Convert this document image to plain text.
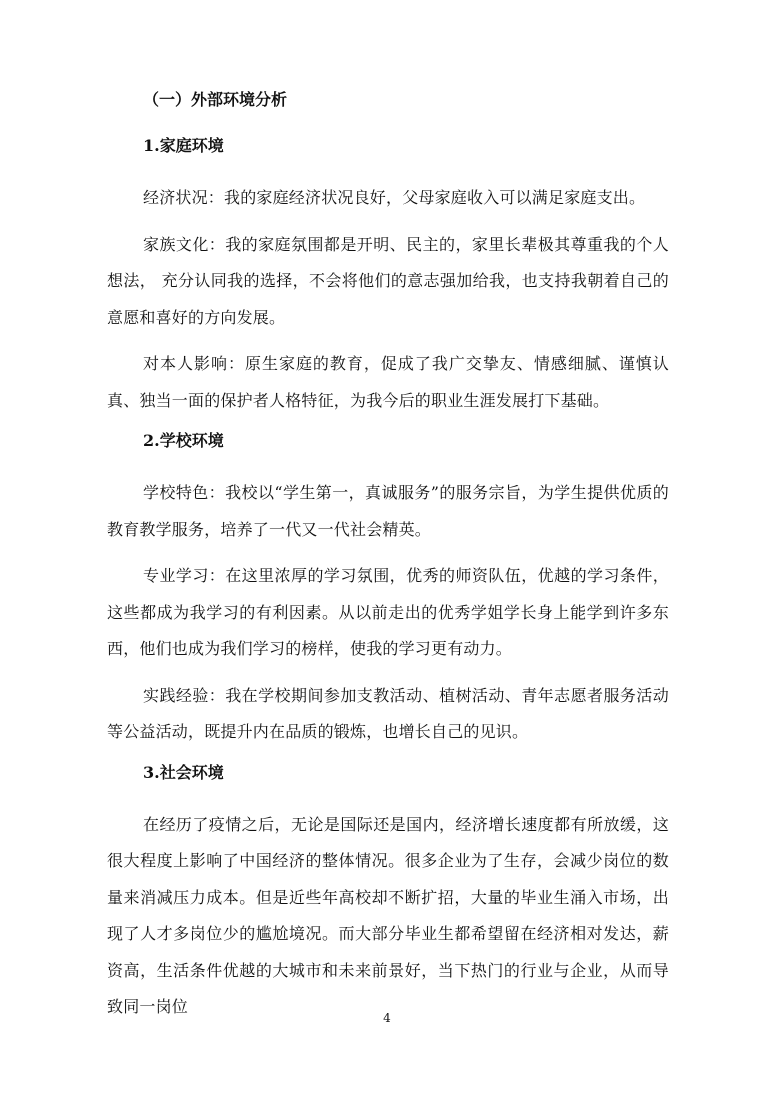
（一）外部环境分析
1.家庭环境

经济状况：我的家庭经济状况良好，父母家庭收入可以满足家庭支出。

家族文化：我的家庭氛围都是开明、民主的，家里长辈极其尊重我的个人想法， 充分认同我的选择，不会将他们的意志强加给我，也支持我朝着自己的意愿和喜好的方向发展。

对本人影响：原生家庭的教育，促成了我广交挚友、情感细腻、谨慎认真、独当一面的保护者人格特征，为我今后的职业生涯发展打下基础。

2.学校环境

学校特色：我校以“学生第一，真诚服务”的服务宗旨，为学生提供优质的教育教学服务，培养了一代又一代社会精英。

专业学习：在这里浓厚的学习氛围，优秀的师资队伍，优越的学习条件，这些都成为我学习的有利因素。从以前走出的优秀学姐学长身上能学到许多东西，他们也成为我们学习的榜样，使我的学习更有动力。

实践经验：我在学校期间参加支教活动、植树活动、青年志愿者服务活动等公益活动，既提升内在品质的锻炼，也增长自己的见识。

3.社会环境

在经历了疫情之后，无论是国际还是国内，经济增长速度都有所放缓，这很大程度上影响了中国经济的整体情况。很多企业为了生存，会减少岗位的数量来消减压力成本。但是近些年高校却不断扩招，大量的毕业生涌入市场，出现了人才多岗位少的尴尬境况。而大部分毕业生都希望留在经济相对发达，薪资高，生活条件优越的大城市和未来前景好，当下热门的行业与企业，从而导致同一岗位

4
